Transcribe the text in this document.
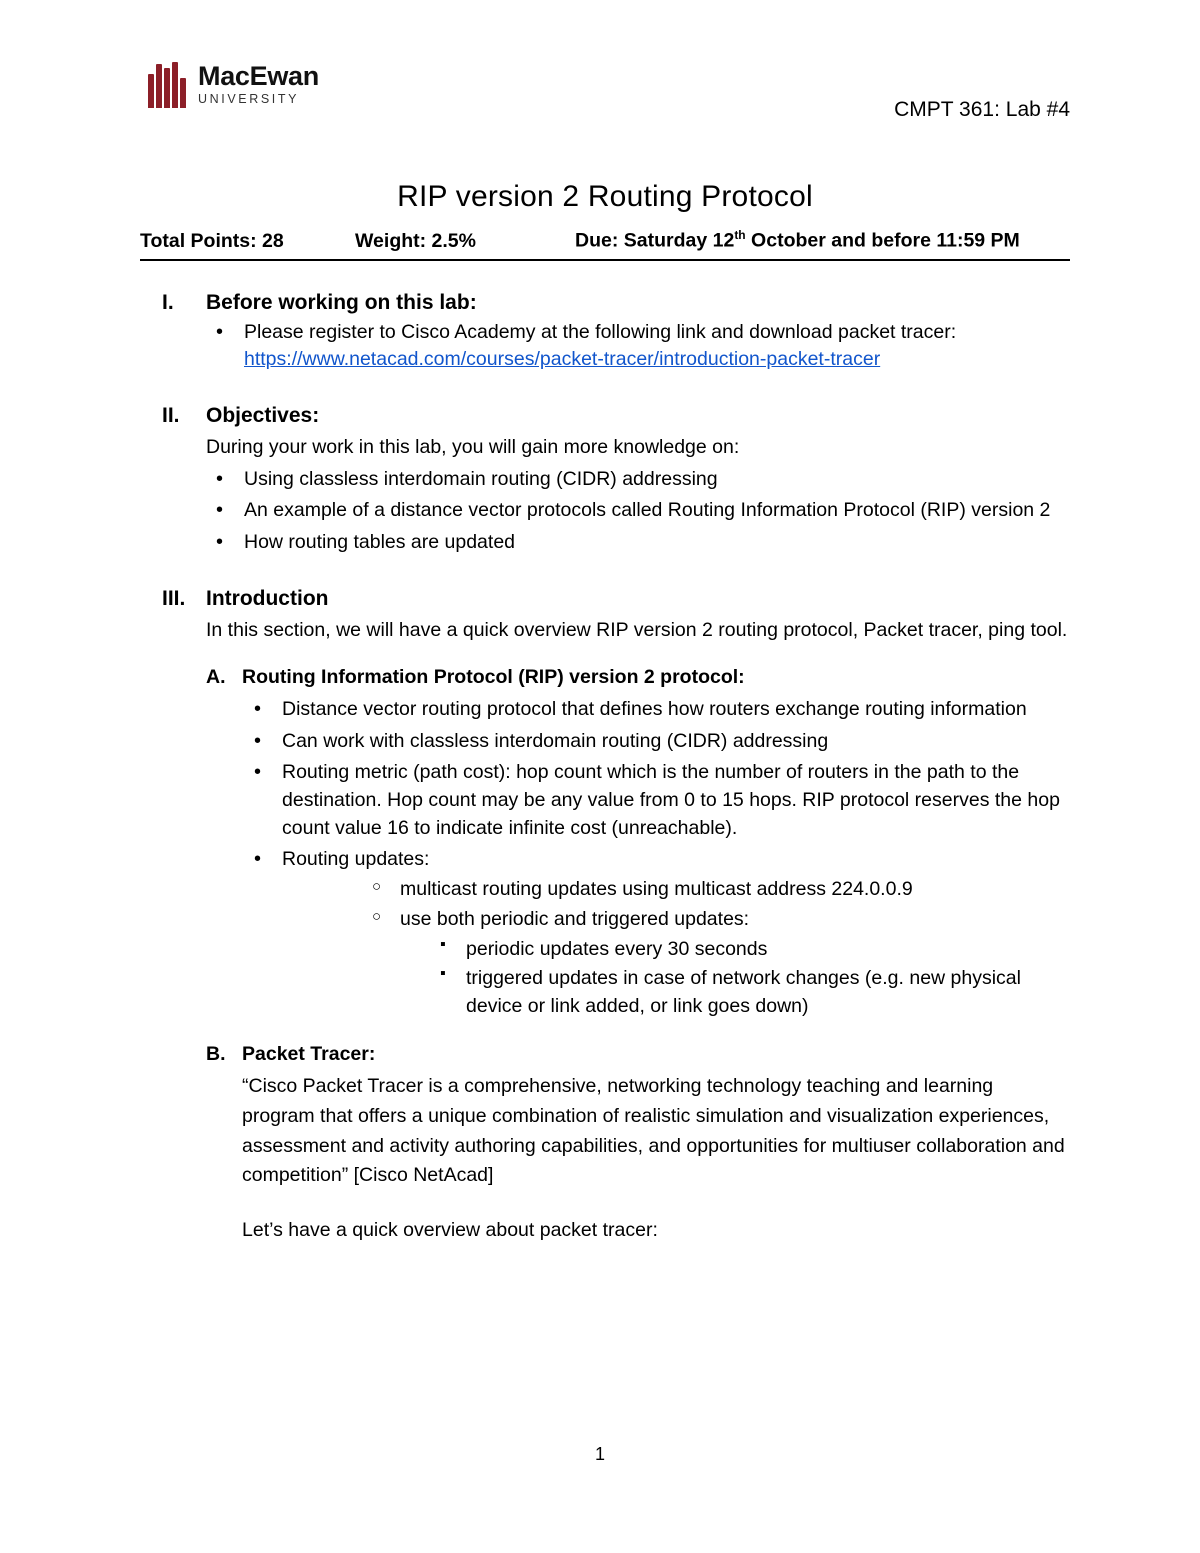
MacEwan
UNIVERSITY	CMPT 361: Lab #4
RIP version 2 Routing Protocol
Total Points: 28	Weight: 2.5%	Due: Saturday 12th October and before 11:59 PM
I.	Before working on this lab:
• Please register to Cisco Academy at the following link and download packet tracer:
https://www.netacad.com/courses/packet-tracer/introduction-packet-tracer
II.	Objectives:
During your work in this lab, you will gain more knowledge on:
• Using classless interdomain routing (CIDR) addressing
• An example of a distance vector protocols called Routing Information Protocol (RIP) version 2
• How routing tables are updated
III. Introduction
In this section, we will have a quick overview RIP version 2 routing protocol, Packet tracer, ping tool.
A. Routing Information Protocol (RIP) version 2 protocol:
• Distance vector routing protocol that defines how routers exchange routing information
• Can work with classless interdomain routing (CIDR) addressing
• Routing metric (path cost): hop count which is the number of routers in the path to the destination. Hop count may be any value from 0 to 15 hops. RIP protocol reserves the hop count value 16 to indicate infinite cost (unreachable).
• Routing updates:
○ multicast routing updates using multicast address 224.0.0.9
○ use both periodic and triggered updates:
▪ periodic updates every 30 seconds
▪ triggered updates in case of network changes (e.g. new physical device or link added, or link goes down)
B. Packet Tracer:
“Cisco Packet Tracer is a comprehensive, networking technology teaching and learning program that offers a unique combination of realistic simulation and visualization experiences, assessment and activity authoring capabilities, and opportunities for multiuser collaboration and competition” [Cisco NetAcad]
Let’s have a quick overview about packet tracer:
1
